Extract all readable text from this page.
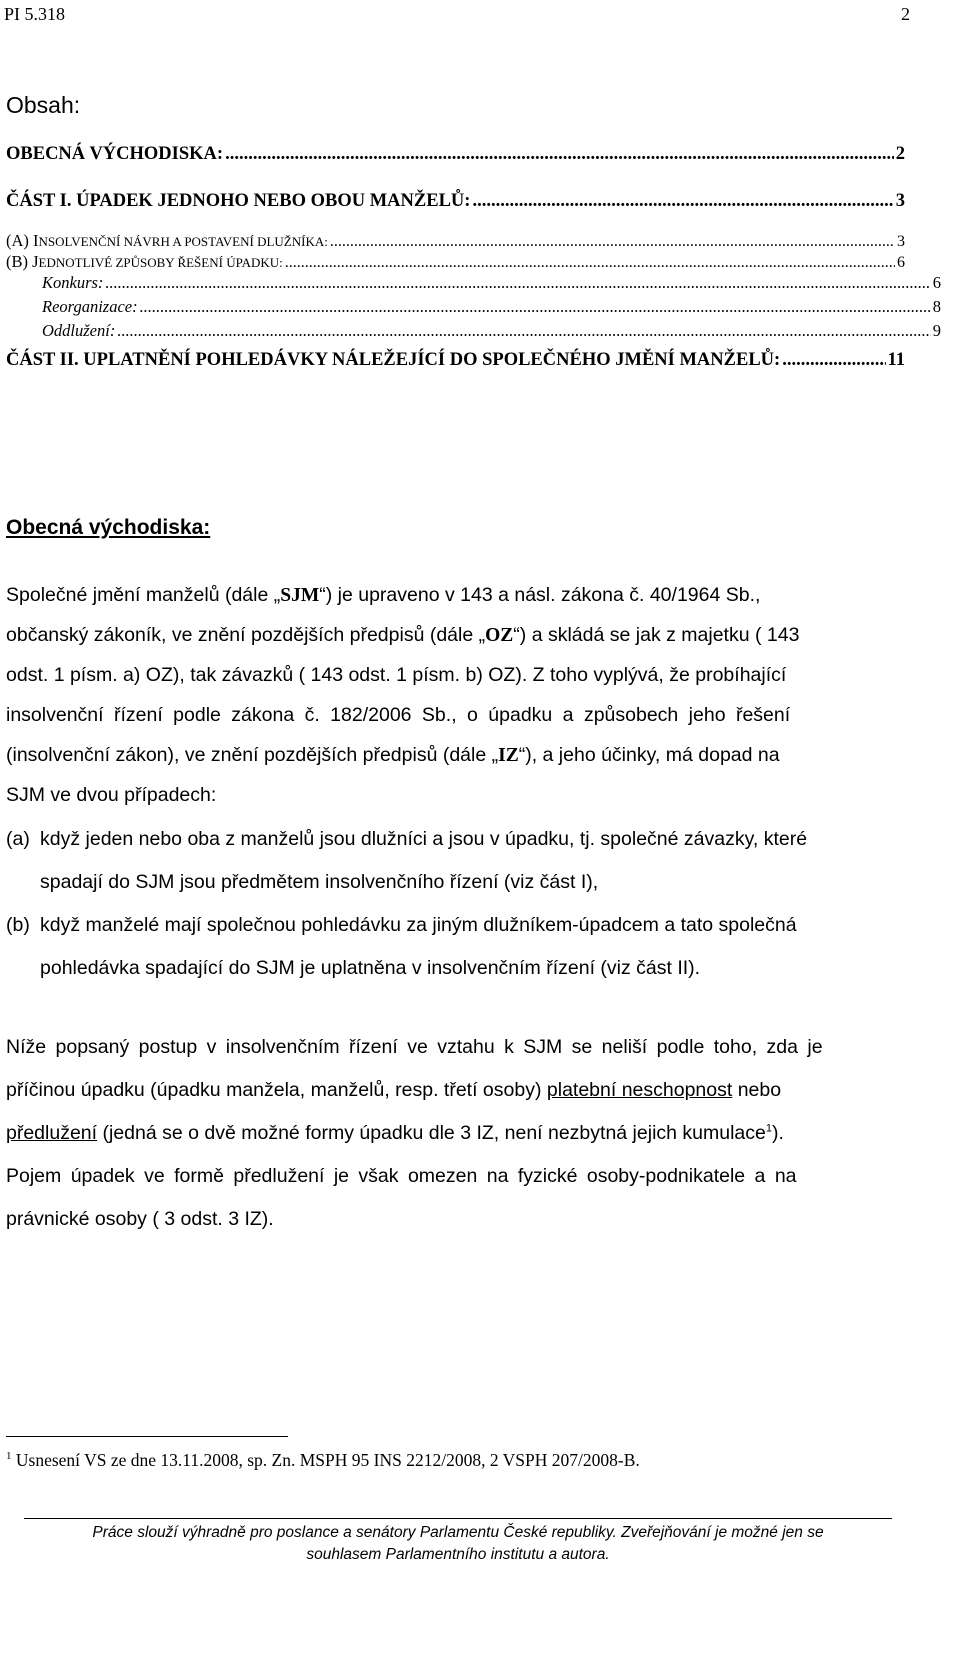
PI 5.318	2
Obsah:
OBECNÁ VÝCHODISKA: .....	2
ČÁST I. ÚPADEK JEDNOHO NEBO OBOU MANŽELŮ: .....	3
(A) INSOLVENČNÍ NÁVRH A POSTAVENÍ DLUŽNÍKA: .....	3
(B) JEDNOTLIVÉ ZPŮSOBY ŘEŠENÍ ÚPADKU: .....	6
Konkurs: .....	6
Reorganizace: .....	8
Oddlužení: .....	9
ČÁST II. UPLATNĚNÍ POHLEDÁVKY NÁLEŽEJÍCÍ DO SPOLEČNÉHO JMĚNÍ MANŽELŮ: .....	11
Obecná východiska:
Společné jmění manželů (dále „SJM“) je upraveno v 143 a násl. zákona č. 40/1964 Sb.,
občanský zákoník, ve znění pozdějších předpisů (dále „OZ“) a skládá se jak z majetku ( 143
odst. 1 písm. a) OZ), tak závazků ( 143 odst. 1 písm. b) OZ). Z toho vyplývá, že probíhající
insolvenční řízení podle zákona č. 182/2006 Sb., o úpadku a způsobech jeho řešení
(insolvenční zákon), ve znění pozdějších předpisů (dále „IZ“), a jeho účinky, má dopad na
SJM ve dvou případech:
(a) když jeden nebo oba z manželů jsou dlužníci a jsou v úpadku, tj. společné závazky, které
spadají do SJM jsou předmětem insolvenčního řízení (viz část I),
(b) když manželé mají společnou pohledávku za jiným dlužníkem-úpadcem a tato společná
pohledávka spadající do SJM je uplatněna v insolvenčním řízení (viz část II).
Níže popsaný postup v insolvenčním řízení ve vztahu k SJM se neliší podle toho, zda je
příčinou úpadku (úpadku manžela, manželů, resp. třetí osoby) platební neschopnost nebo
předlužení (jedná se o dvě možné formy úpadku dle 3 IZ, není nezbytná jejich kumulace$^1$).
Pojem úpadek ve formě předlužení je však omezen na fyzické osoby-podnikatele a na
právnické osoby ( 3 odst. 3 IZ).
$^1$ Usnesení VS ze dne 13.11.2008, sp. Zn. MSPH 95 INS 2212/2008, 2 VSPH 207/2008-B.
Práce slouží výhradně pro poslance a senátory Parlamentu České republiky. Zveřejňování je možné jen se
souhlasem Parlamentního institutu a autora.
